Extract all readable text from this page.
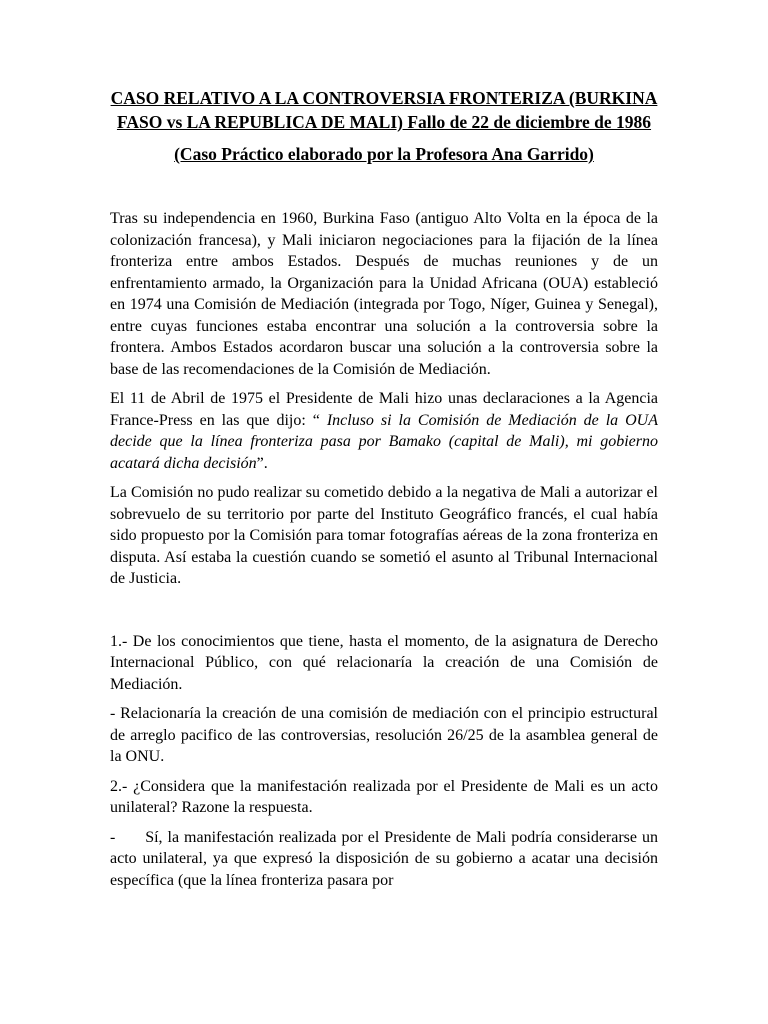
CASO RELATIVO A LA CONTROVERSIA FRONTERIZA (BURKINA FASO vs LA REPUBLICA DE MALI) Fallo de 22 de diciembre de 1986
(Caso Práctico elaborado por la Profesora Ana Garrido)

Tras su independencia en 1960, Burkina Faso (antiguo Alto Volta en la época de la colonización francesa), y Mali iniciaron negociaciones para la fijación de la línea fronteriza entre ambos Estados. Después de muchas reuniones y de un enfrentamiento armado, la Organización para la Unidad Africana (OUA) estableció en 1974 una Comisión de Mediación (integrada por Togo, Níger, Guinea y Senegal), entre cuyas funciones estaba encontrar una solución a la controversia sobre la frontera. Ambos Estados acordaron buscar una solución a la controversia sobre la base de las recomendaciones de la Comisión de Mediación.

El 11 de Abril de 1975 el Presidente de Mali hizo unas declaraciones a la Agencia France-Press en las que dijo: “ Incluso si la Comisión de Mediación de la OUA decide que la línea fronteriza pasa por Bamako (capital de Mali), mi gobierno acatará dicha decisión”.

La Comisión no pudo realizar su cometido debido a la negativa de Mali a autorizar el sobrevuelo de su territorio por parte del Instituto Geográfico francés, el cual había sido propuesto por la Comisión para tomar fotografías aéreas de la zona fronteriza en disputa. Así estaba la cuestión cuando se sometió el asunto al Tribunal Internacional de Justicia.

1.- De los conocimientos que tiene, hasta el momento, de la asignatura de Derecho Internacional Público, con qué relacionaría la creación de una Comisión de Mediación.

- Relacionaría la creación de una comisión de mediación con el principio estructural de arreglo pacifico de las controversias, resolución 26/25 de la asamblea general de la ONU.

2.- ¿Considera que la manifestación realizada por el Presidente de Mali es un acto unilateral? Razone la respuesta.

-      Sí, la manifestación realizada por el Presidente de Mali podría considerarse un acto unilateral, ya que expresó la disposición de su gobierno a acatar una decisión específica (que la línea fronteriza pasara por
